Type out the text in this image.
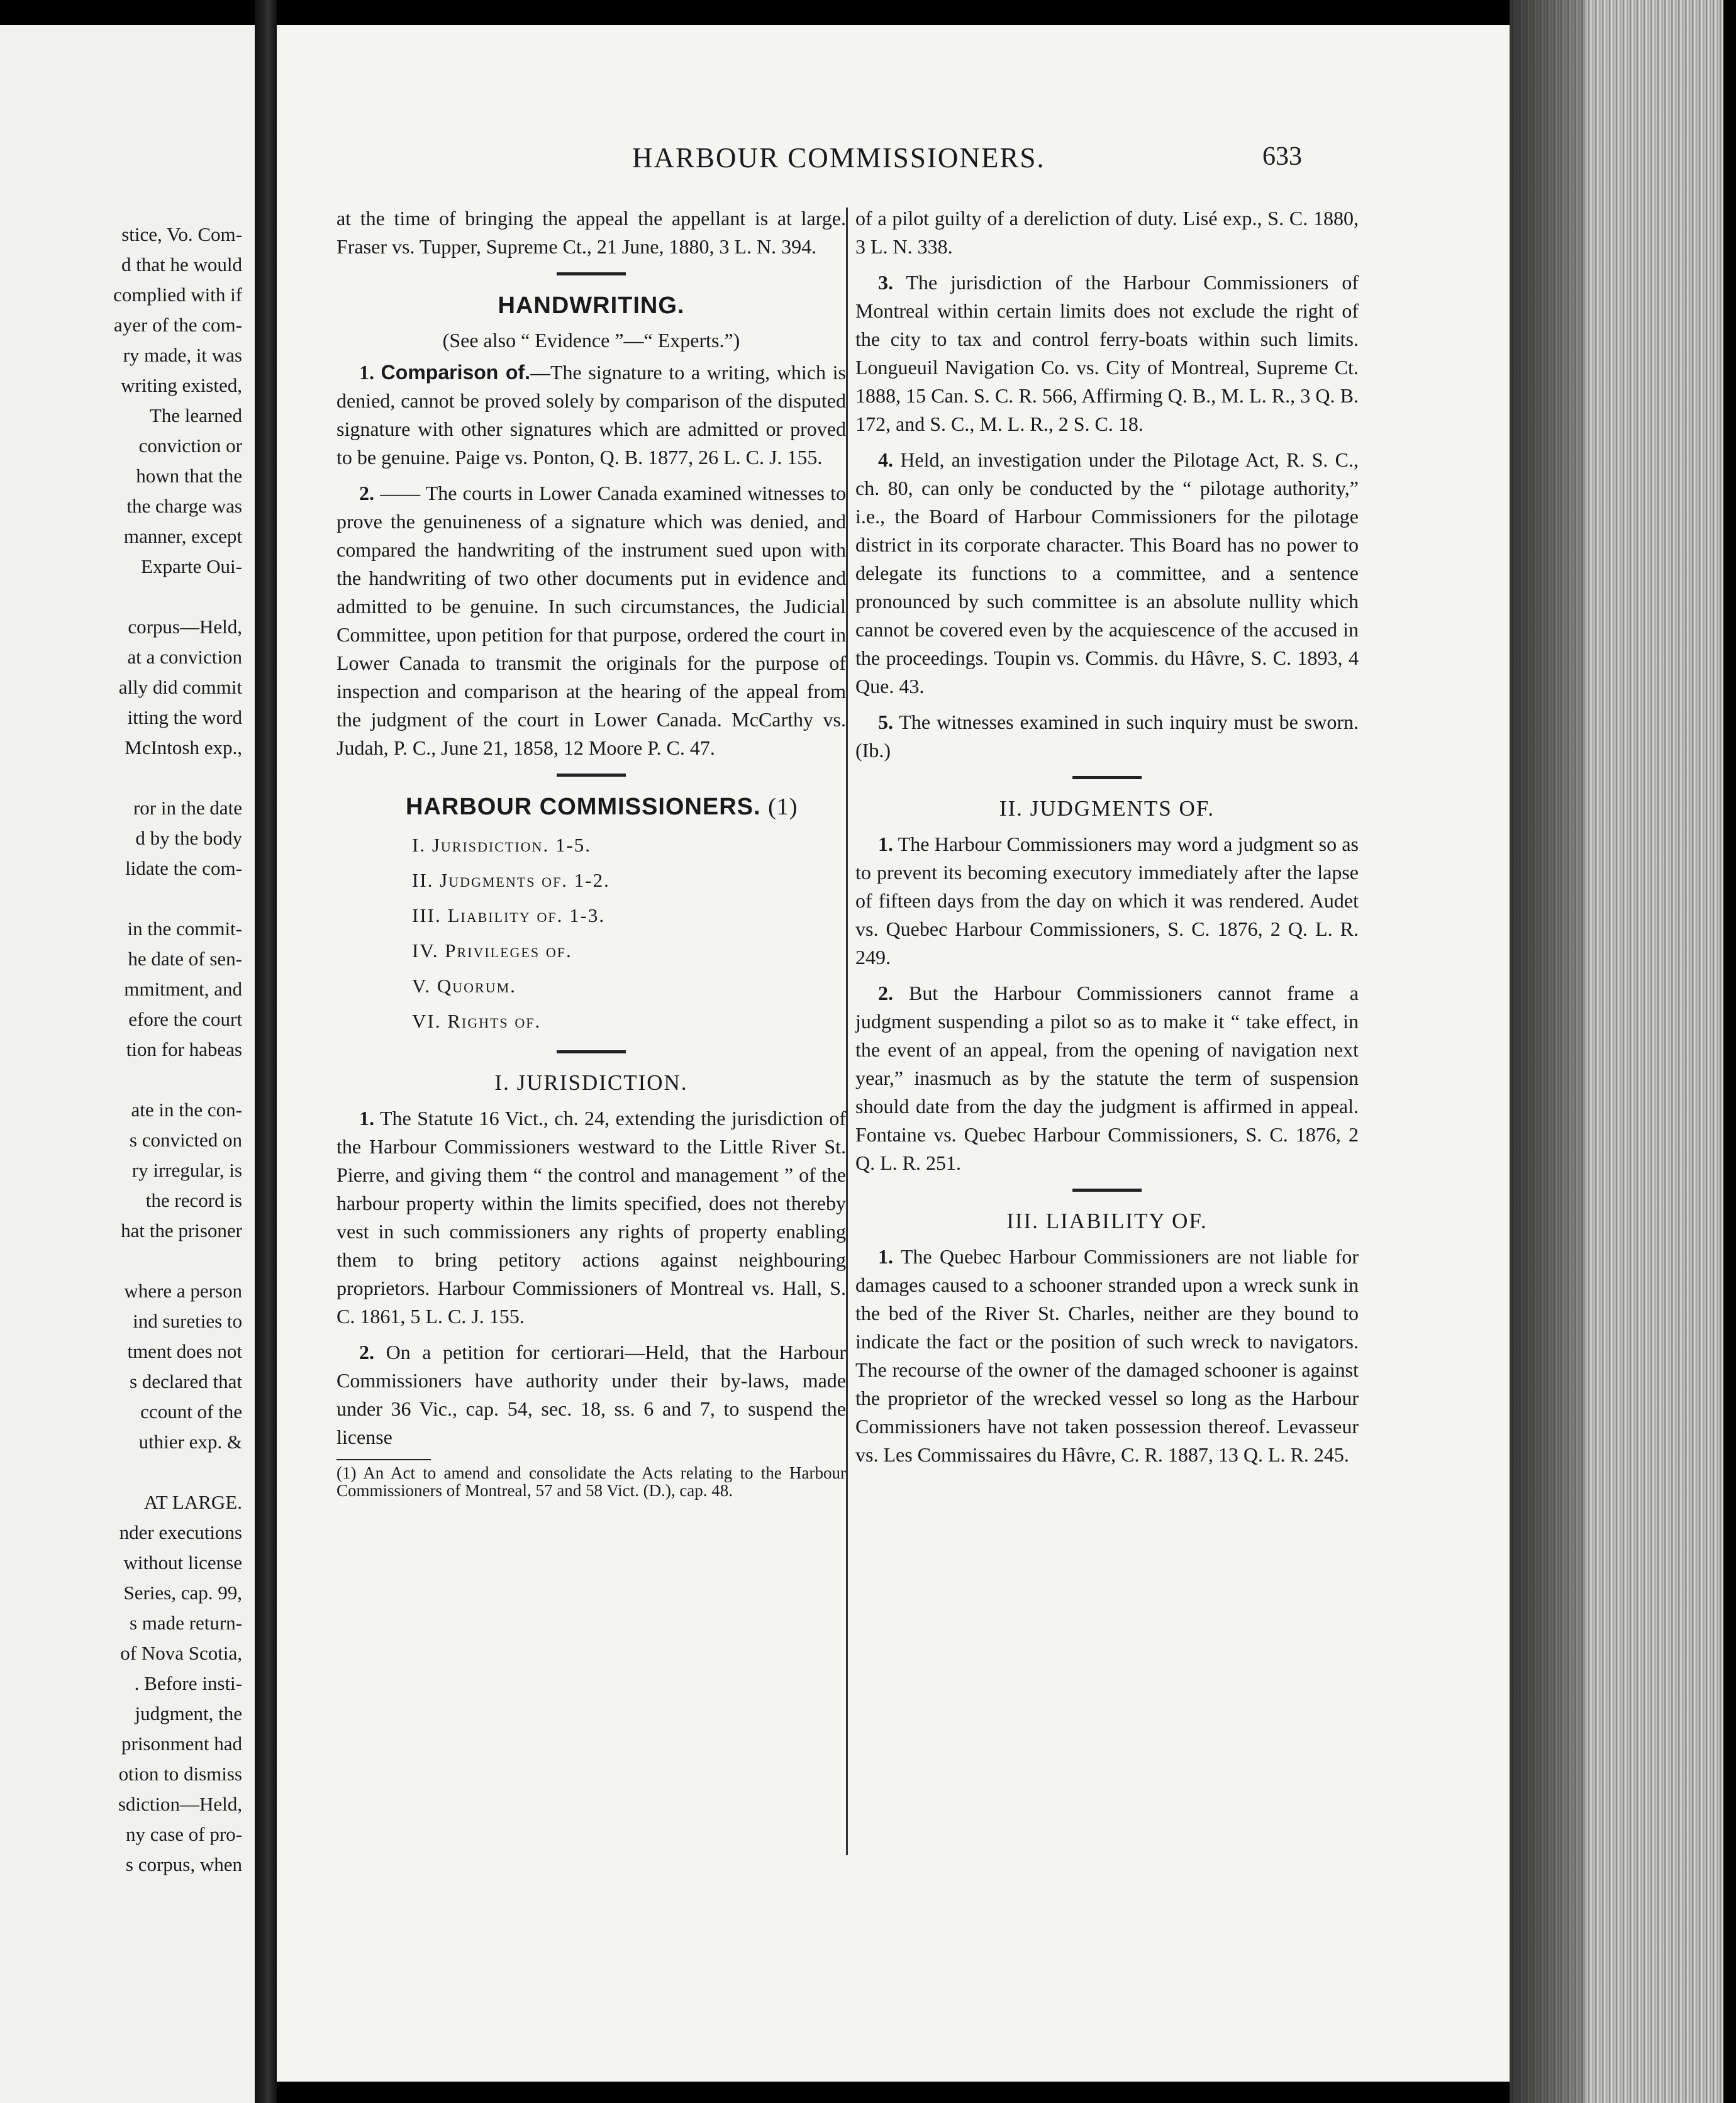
stice, Vo. Com-
d that he would
complied with if
ayer of the com-
ry made, it was
writing existed,
The learned
conviction or
hown that the
the charge was
manner, except
Exparte Oui-
corpus—Held,
at a conviction
ally did commit
itting the word
McIntosh exp.,
ror in the date
d by the body
lidate the com-
in the commit-
he date of sen-
mmitment, and
efore the court
tion for habeas
ate in the con-
s convicted on
ry irregular, is
the record is
hat the prisoner
where a person
ind sureties to
tment does not
s declared that
ccount of the
uthier exp. &
AT LARGE.
nder executions
without license
Series, cap. 99,
s made return-
of Nova Scotia,
. Before insti-
judgment, the
prisonment had
otion to dismiss
sdiction—Held,
ny case of pro-
s corpus, when
HARBOUR COMMISSIONERS.	633

at the time of bringing the appeal the appellant is at large. Fraser vs. Tupper, Supreme Ct., 21 June, 1880, 3 L. N. 394.

HANDWRITING.
(See also “ Evidence ”—“ Experts.”)

1. Comparison of.—The signature to a writing, which is denied, cannot be proved solely by comparison of the disputed signature with other signatures which are admitted or proved to be genuine. Paige vs. Ponton, Q. B. 1877, 26 L. C. J. 155.

2. —— The courts in Lower Canada examined witnesses to prove the genuineness of a signature which was denied, and compared the handwriting of the instrument sued upon with the handwriting of two other documents put in evidence and admitted to be genuine. In such circumstances, the Judicial Committee, upon petition for that purpose, ordered the court in Lower Canada to transmit the originals for the purpose of inspection and comparison at the hearing of the appeal from the judgment of the court in Lower Canada. McCarthy vs. Judah, P. C., June 21, 1858, 12 Moore P. C. 47.

HARBOUR COMMISSIONERS. (1)
I. Jurisdiction. 1-5.
II. Judgments of. 1-2.
III. Liability of. 1-3.
IV. Privileges of.
V. Quorum.
VI. Rights of.
I. JURISDICTION.

1. The Statute 16 Vict., ch. 24, extending the jurisdiction of the Harbour Commissioners westward to the Little River St. Pierre, and giving them “ the control and management ” of the harbour property within the limits specified, does not thereby vest in such commissioners any rights of property enabling them to bring petitory actions against neighbouring proprietors. Harbour Commissioners of Montreal vs. Hall, S. C. 1861, 5 L. C. J. 155.

2. On a petition for certiorari—Held, that the Harbour Commissioners have authority under their by-laws, made under 36 Vic., cap. 54, sec. 18, ss. 6 and 7, to suspend the license

(1) An Act to amend and consolidate the Acts relating to the Harbour Commissioners of Montreal, 57 and 58 Vict. (D.), cap. 48.

of a pilot guilty of a dereliction of duty. Lisé exp., S. C. 1880, 3 L. N. 338.

3. The jurisdiction of the Harbour Commissioners of Montreal within certain limits does not exclude the right of the city to tax and control ferry-boats within such limits. Longueuil Navigation Co. vs. City of Montreal, Supreme Ct. 1888, 15 Can. S. C. R. 566, Affirming Q. B., M. L. R., 3 Q. B. 172, and S. C., M. L. R., 2 S. C. 18.

4. Held, an investigation under the Pilotage Act, R. S. C., ch. 80, can only be conducted by the “ pilotage authority,” i.e., the Board of Harbour Commissioners for the pilotage district in its corporate character. This Board has no power to delegate its functions to a committee, and a sentence pronounced by such committee is an absolute nullity which cannot be covered even by the acquiescence of the accused in the proceedings. Toupin vs. Commis. du Hâvre, S. C. 1893, 4 Que. 43.

5. The witnesses examined in such inquiry must be sworn. (Ib.)

II. JUDGMENTS OF.

1. The Harbour Commissioners may word a judgment so as to prevent its becoming executory immediately after the lapse of fifteen days from the day on which it was rendered. Audet vs. Quebec Harbour Commissioners, S. C. 1876, 2 Q. L. R. 249.

2. But the Harbour Commissioners cannot frame a judgment suspending a pilot so as to make it “ take effect, in the event of an appeal, from the opening of navigation next year,” inasmuch as by the statute the term of suspension should date from the day the judgment is affirmed in appeal. Fontaine vs. Quebec Harbour Commissioners, S. C. 1876, 2 Q. L. R. 251.

III. LIABILITY OF.

1. The Quebec Harbour Commissioners are not liable for damages caused to a schooner stranded upon a wreck sunk in the bed of the River St. Charles, neither are they bound to indicate the fact or the position of such wreck to navigators. The recourse of the owner of the damaged schooner is against the proprietor of the wrecked vessel so long as the Harbour Commissioners have not taken possession thereof. Levasseur vs. Les Commissaires du Hâvre, C. R. 1887, 13 Q. L. R. 245.
